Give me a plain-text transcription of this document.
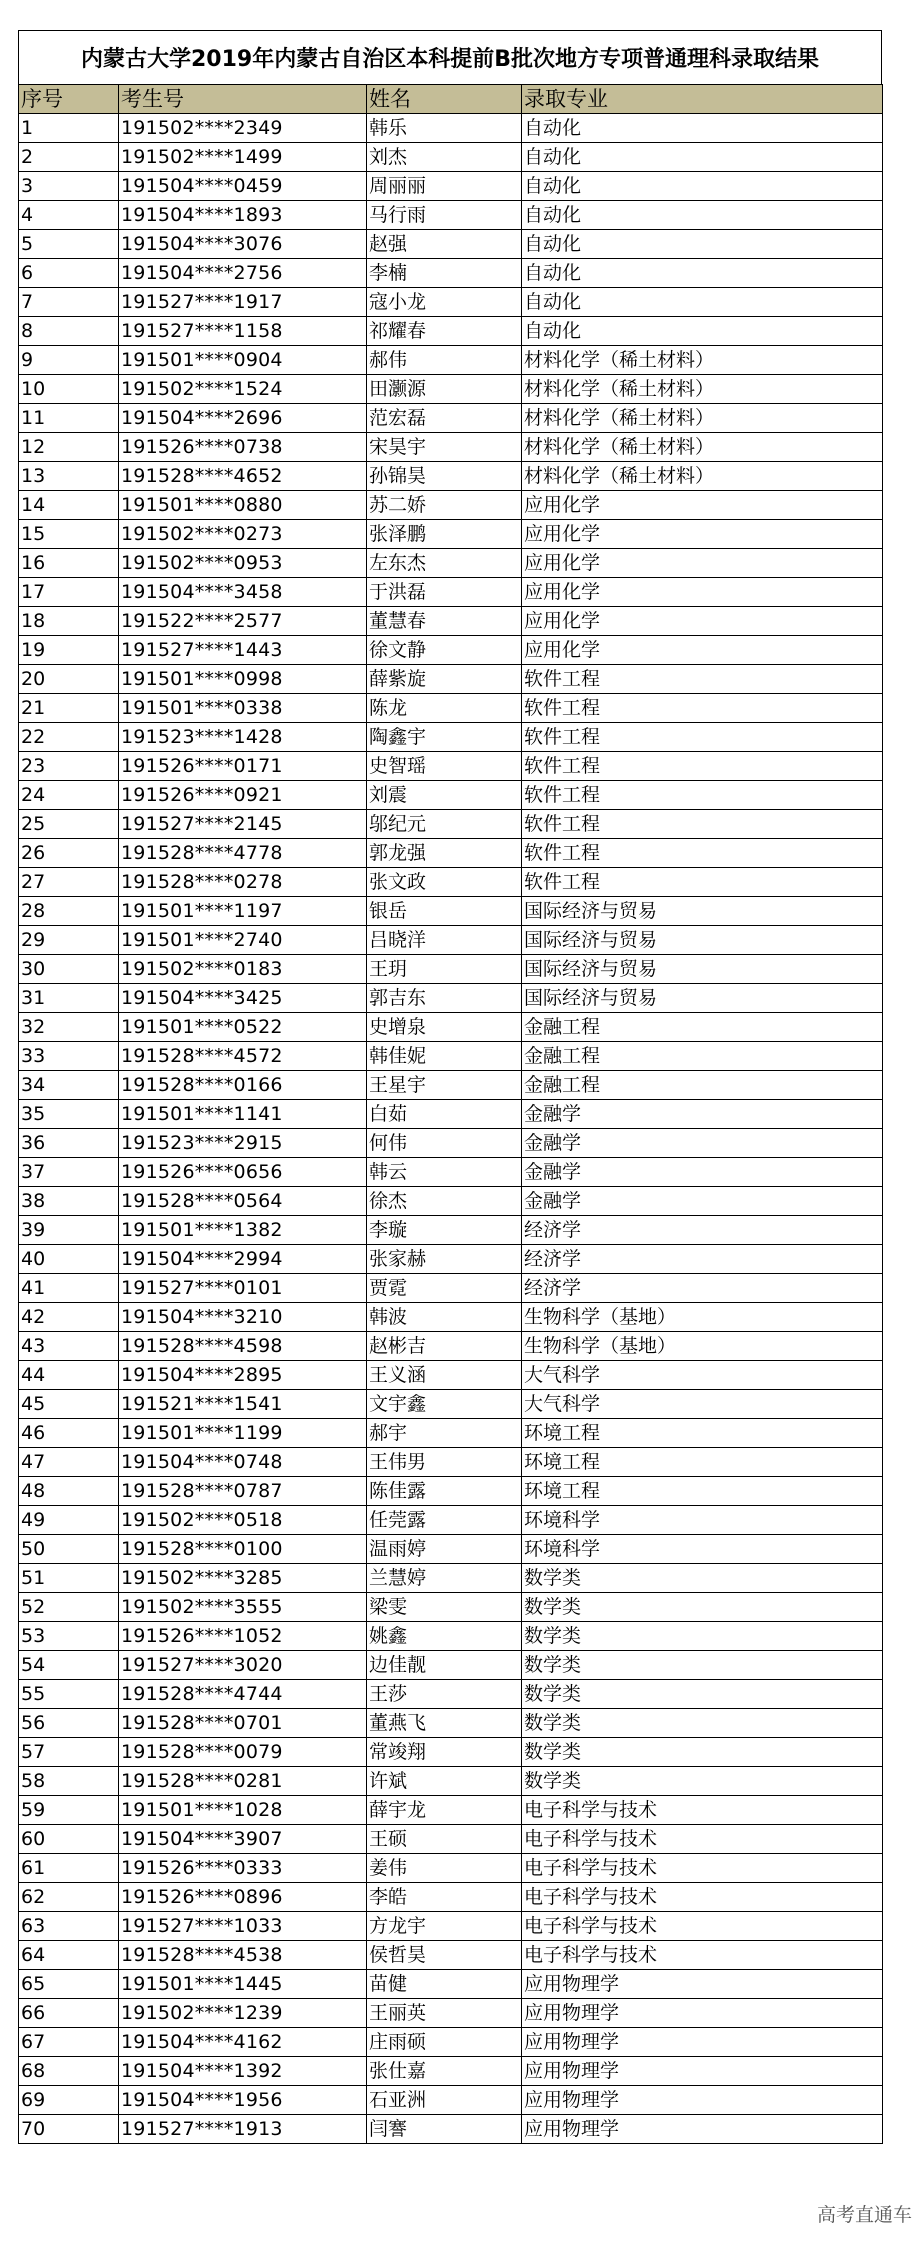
内蒙古大学2019年内蒙古自治区本科提前B批次地方专项普通理科录取结果
序号	考生号	姓名	录取专业
1	191502****2349	韩乐	自动化
2	191502****1499	刘杰	自动化
3	191504****0459	周丽丽	自动化
4	191504****1893	马行雨	自动化
5	191504****3076	赵强	自动化
6	191504****2756	李楠	自动化
7	191527****1917	寇小龙	自动化
8	191527****1158	祁耀春	自动化
9	191501****0904	郝伟	材料化学（稀土材料）
10	191502****1524	田灏源	材料化学（稀土材料）
11	191504****2696	范宏磊	材料化学（稀土材料）
12	191526****0738	宋昊宇	材料化学（稀土材料）
13	191528****4652	孙锦昊	材料化学（稀土材料）
14	191501****0880	苏二娇	应用化学
15	191502****0273	张泽鹏	应用化学
16	191502****0953	左东杰	应用化学
17	191504****3458	于洪磊	应用化学
18	191522****2577	董慧春	应用化学
19	191527****1443	徐文静	应用化学
20	191501****0998	薛紫旋	软件工程
21	191501****0338	陈龙	软件工程
22	191523****1428	陶鑫宇	软件工程
23	191526****0171	史智瑶	软件工程
24	191526****0921	刘震	软件工程
25	191527****2145	邬纪元	软件工程
26	191528****4778	郭龙强	软件工程
27	191528****0278	张文政	软件工程
28	191501****1197	银岳	国际经济与贸易
29	191501****2740	吕晓洋	国际经济与贸易
30	191502****0183	王玥	国际经济与贸易
31	191504****3425	郭吉东	国际经济与贸易
32	191501****0522	史增泉	金融工程
33	191528****4572	韩佳妮	金融工程
34	191528****0166	王星宇	金融工程
35	191501****1141	白茹	金融学
36	191523****2915	何伟	金融学
37	191526****0656	韩云	金融学
38	191528****0564	徐杰	金融学
39	191501****1382	李璇	经济学
40	191504****2994	张家赫	经济学
41	191527****0101	贾霓	经济学
42	191504****3210	韩波	生物科学（基地）
43	191528****4598	赵彬吉	生物科学（基地）
44	191504****2895	王义涵	大气科学
45	191521****1541	文宇鑫	大气科学
46	191501****1199	郝宇	环境工程
47	191504****0748	王伟男	环境工程
48	191528****0787	陈佳露	环境工程
49	191502****0518	任莞露	环境科学
50	191528****0100	温雨婷	环境科学
51	191502****3285	兰慧婷	数学类
52	191502****3555	梁雯	数学类
53	191526****1052	姚鑫	数学类
54	191527****3020	边佳靓	数学类
55	191528****4744	王莎	数学类
56	191528****0701	董燕飞	数学类
57	191528****0079	常竣翔	数学类
58	191528****0281	许斌	数学类
59	191501****1028	薛宇龙	电子科学与技术
60	191504****3907	王硕	电子科学与技术
61	191526****0333	姜伟	电子科学与技术
62	191526****0896	李皓	电子科学与技术
63	191527****1033	方龙宇	电子科学与技术
64	191528****4538	侯哲昊	电子科学与技术
65	191501****1445	苗健	应用物理学
66	191502****1239	王丽英	应用物理学
67	191504****4162	庄雨硕	应用物理学
68	191504****1392	张仕嘉	应用物理学
69	191504****1956	石亚洲	应用物理学
70	191527****1913	闫謇	应用物理学
高考直通车
